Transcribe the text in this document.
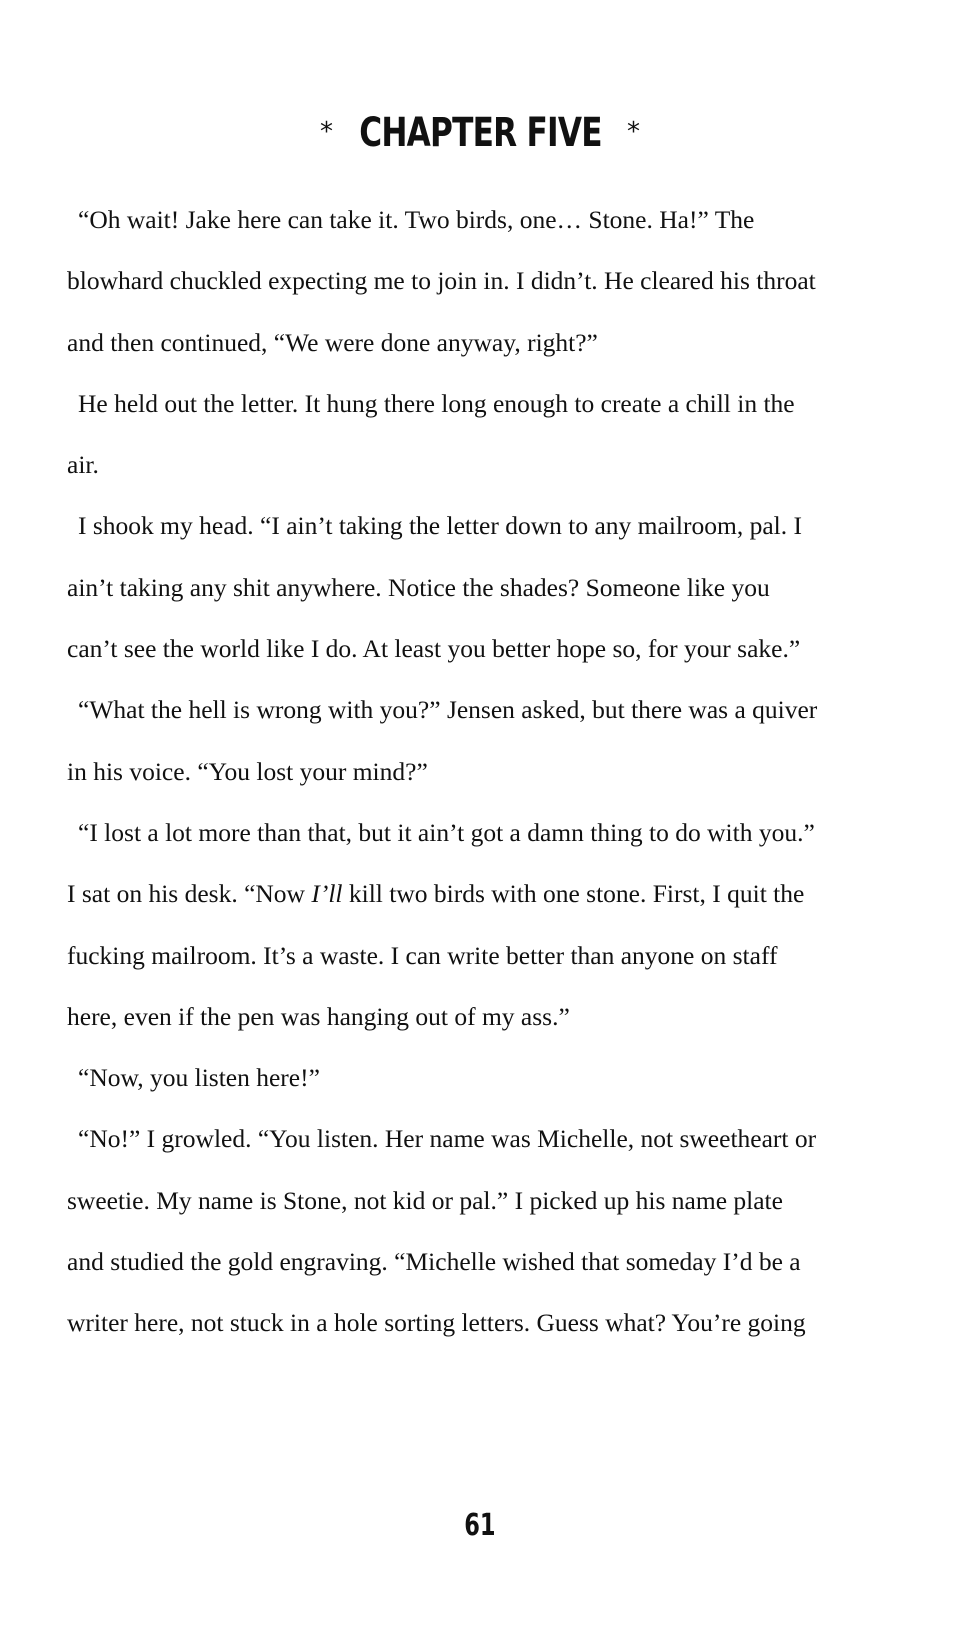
* CHAPTER FIVE *
“Oh wait! Jake here can take it. Two birds, one… Stone. Ha!” The
blowhard chuckled expecting me to join in. I didn’t. He cleared his throat
and then continued, “We were done anyway, right?”
He held out the letter. It hung there long enough to create a chill in the
air.
I shook my head. “I ain’t taking the letter down to any mailroom, pal. I
ain’t taking any shit anywhere. Notice the shades? Someone like you
can’t see the world like I do. At least you better hope so, for your sake.”
“What the hell is wrong with you?” Jensen asked, but there was a quiver
in his voice. “You lost your mind?”
“I lost a lot more than that, but it ain’t got a damn thing to do with you.”
I sat on his desk. “Now I’ll kill two birds with one stone. First, I quit the
fucking mailroom. It’s a waste. I can write better than anyone on staff
here, even if the pen was hanging out of my ass.”
“Now, you listen here!”
“No!” I growled. “You listen. Her name was Michelle, not sweetheart or
sweetie. My name is Stone, not kid or pal.” I picked up his name plate
and studied the gold engraving. “Michelle wished that someday I’d be a
writer here, not stuck in a hole sorting letters. Guess what? You’re going
61
